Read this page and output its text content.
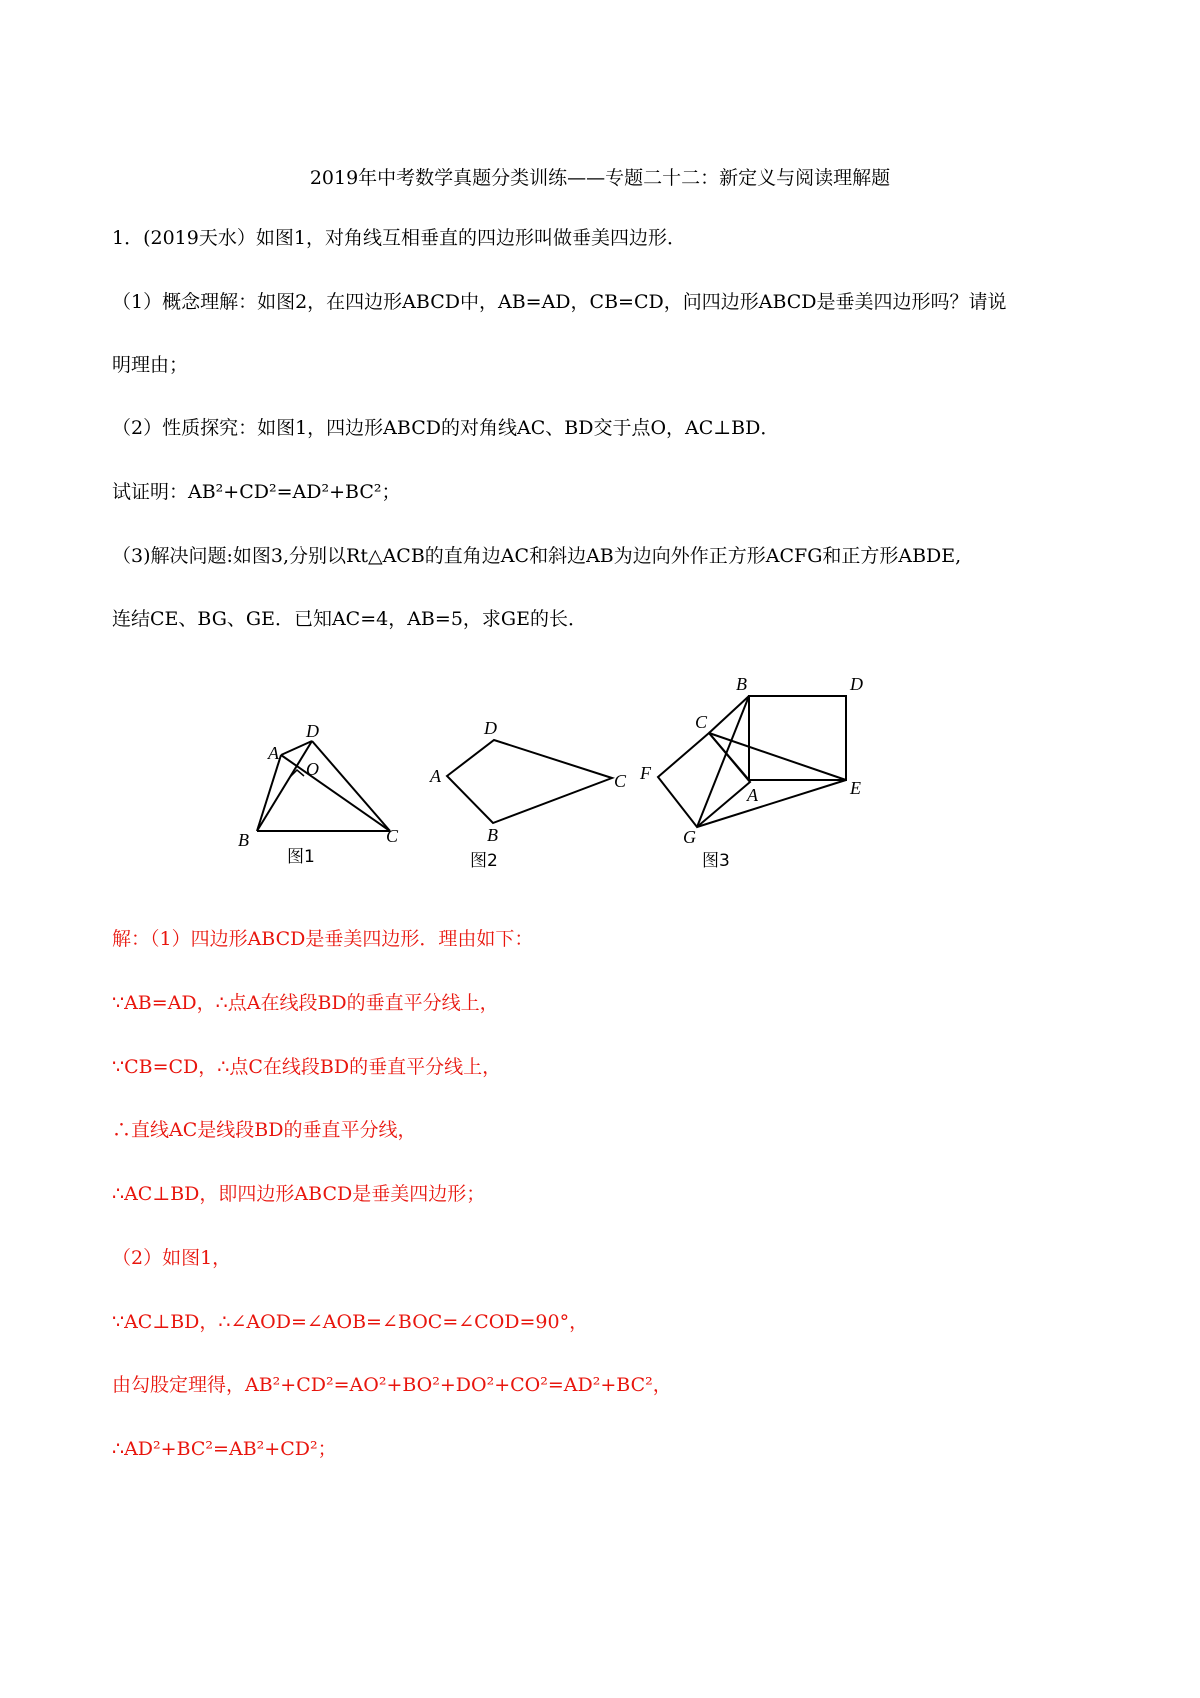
2019年中考数学真题分类训练——专题二十二：新定义与阅读理解题
1．(2019天水）如图1，对角线互相垂直的四边形叫做垂美四边形．
（1）概念理解：如图2，在四边形ABCD中，AB=AD，CB=CD，问四边形ABCD是垂美四边形吗？请说
明理由；
（2）性质探究：如图1，四边形ABCD的对角线AC、BD交于点O，AC⊥BD．
试证明：AB²+CD²=AD²+BC²；
（3)解决问题:如图3,分别以Rt△ACB的直角边AC和斜边AB为边向外作正方形ACFG和正方形ABDE,
连结CE、BG、GE．已知AC=4，AB=5，求GE的长．
A
D
O
B	C
图1
A
D
C
B
图2
B	D
C
F
A	E
G
图3
解：（1）四边形ABCD是垂美四边形．理由如下：
∵AB=AD，∴点A在线段BD的垂直平分线上，
∵CB=CD，∴点C在线段BD的垂直平分线上，
∴直线AC是线段BD的垂直平分线，
∴AC⊥BD，即四边形ABCD是垂美四边形；
（2）如图1，
∵AC⊥BD，∴∠AOD=∠AOB=∠BOC=∠COD=90°，
由勾股定理得，AB²+CD²=AO²+BO²+DO²+CO²=AD²+BC²，
∴AD²+BC²=AB²+CD²；
